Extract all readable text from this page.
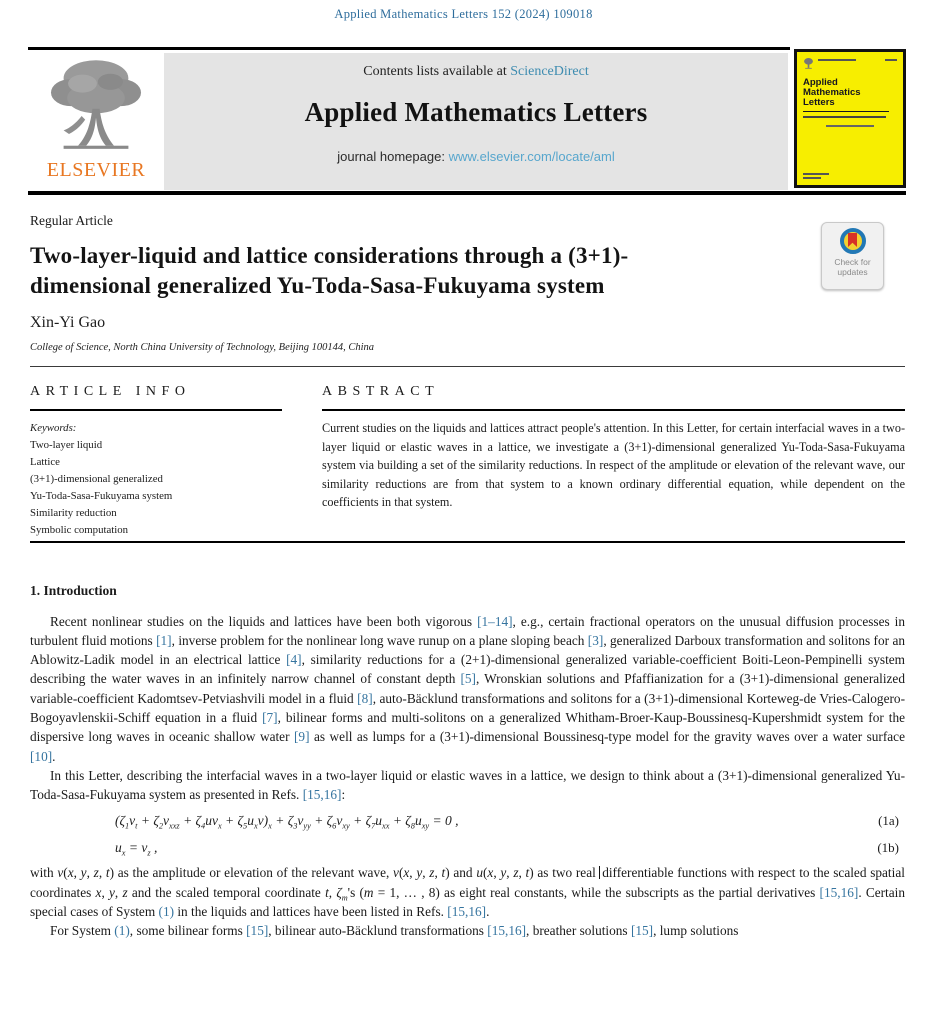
Applied Mathematics Letters 152 (2024) 109018
ELSEVIER
Contents lists available at ScienceDirect
Applied Mathematics Letters
journal homepage: www.elsevier.com/locate/aml
Applied Mathematics Letters
Check for
updates
Regular Article
Two-layer-liquid and lattice considerations through a (3+1)-dimensional generalized Yu-Toda-Sasa-Fukuyama system
Xin-Yi Gao
College of Science, North China University of Technology, Beijing 100144, China
ARTICLE INFO
Keywords:
Two-layer liquid
Lattice
(3+1)-dimensional generalized
Yu-Toda-Sasa-Fukuyama system
Similarity reduction
Symbolic computation
ABSTRACT
Current studies on the liquids and lattices attract people's attention. In this Letter, for certain interfacial waves in a two-layer liquid or elastic waves in a lattice, we investigate a (3+1)-dimensional generalized Yu-Toda-Sasa-Fukuyama system via building a set of the similarity reductions. In respect of the amplitude or elevation of the relevant wave, our similarity reductions are from that system to a known ordinary differential equation, while dependent on the coefficients in that system.
1. Introduction

Recent nonlinear studies on the liquids and lattices have been both vigorous [1–14], e.g., certain fractional operators on the unusual diffusion processes in turbulent fluid motions [1], inverse problem for the nonlinear long wave runup on a plane sloping beach [3], generalized Darboux transformation and solitons for an Ablowitz-Ladik model in an electrical lattice [4], similarity reductions for a (2+1)-dimensional generalized variable-coefficient Boiti-Leon-Pempinelli system describing the water waves in an infinitely narrow channel of constant depth [5], Wronskian solutions and Pfaffianization for a (3+1)-dimensional generalized variable-coefficient Kadomtsev-Petviashvili model in a fluid [8], auto-Bäcklund transformations and solitons for a (3+1)-dimensional Korteweg-de Vries-Calogero-Bogoyavlenskii-Schiff equation in a fluid [7], bilinear forms and multi-solitons on a generalized Whitham-Broer-Kaup-Boussinesq-Kupershmidt system for the dispersive long waves in oceanic shallow water [9] as well as lumps for a (3+1)-dimensional Boussinesq-type model for the gravity waves over a water surface [10].

In this Letter, describing the interfacial waves in a two-layer liquid or elastic waves in a lattice, we design to think about a (3+1)-dimensional generalized Yu-Toda-Sasa-Fukuyama system as presented in Refs. [15,16]:

$(\zeta_1v_t + \zeta_2v_{xxz} + \zeta_4uv_x + \zeta_5u_xv)_x + \zeta_3v_{yy} + \zeta_6v_{xy} + \zeta_7u_{xx} + \zeta_8u_{xy} = 0$ ,	(1a)
$u_x = v_z$ ,	(1b)

with v(x, y, z, t) as the amplitude or elevation of the relevant wave, v(x, y, z, t) and u(x, y, z, t) as two real differentiable functions with respect to the scaled spatial coordinates x, y, z and the scaled temporal coordinate t, $\zeta_m's$ (m = 1, … , 8) as eight real constants, while the subscripts as the partial derivatives [15,16]. Certain special cases of System (1) in the liquids and lattices have been listed in Refs. [15,16].

For System (1), some bilinear forms [15], bilinear auto-Bäcklund transformations [15,16], breather solutions [15], lump solutions
